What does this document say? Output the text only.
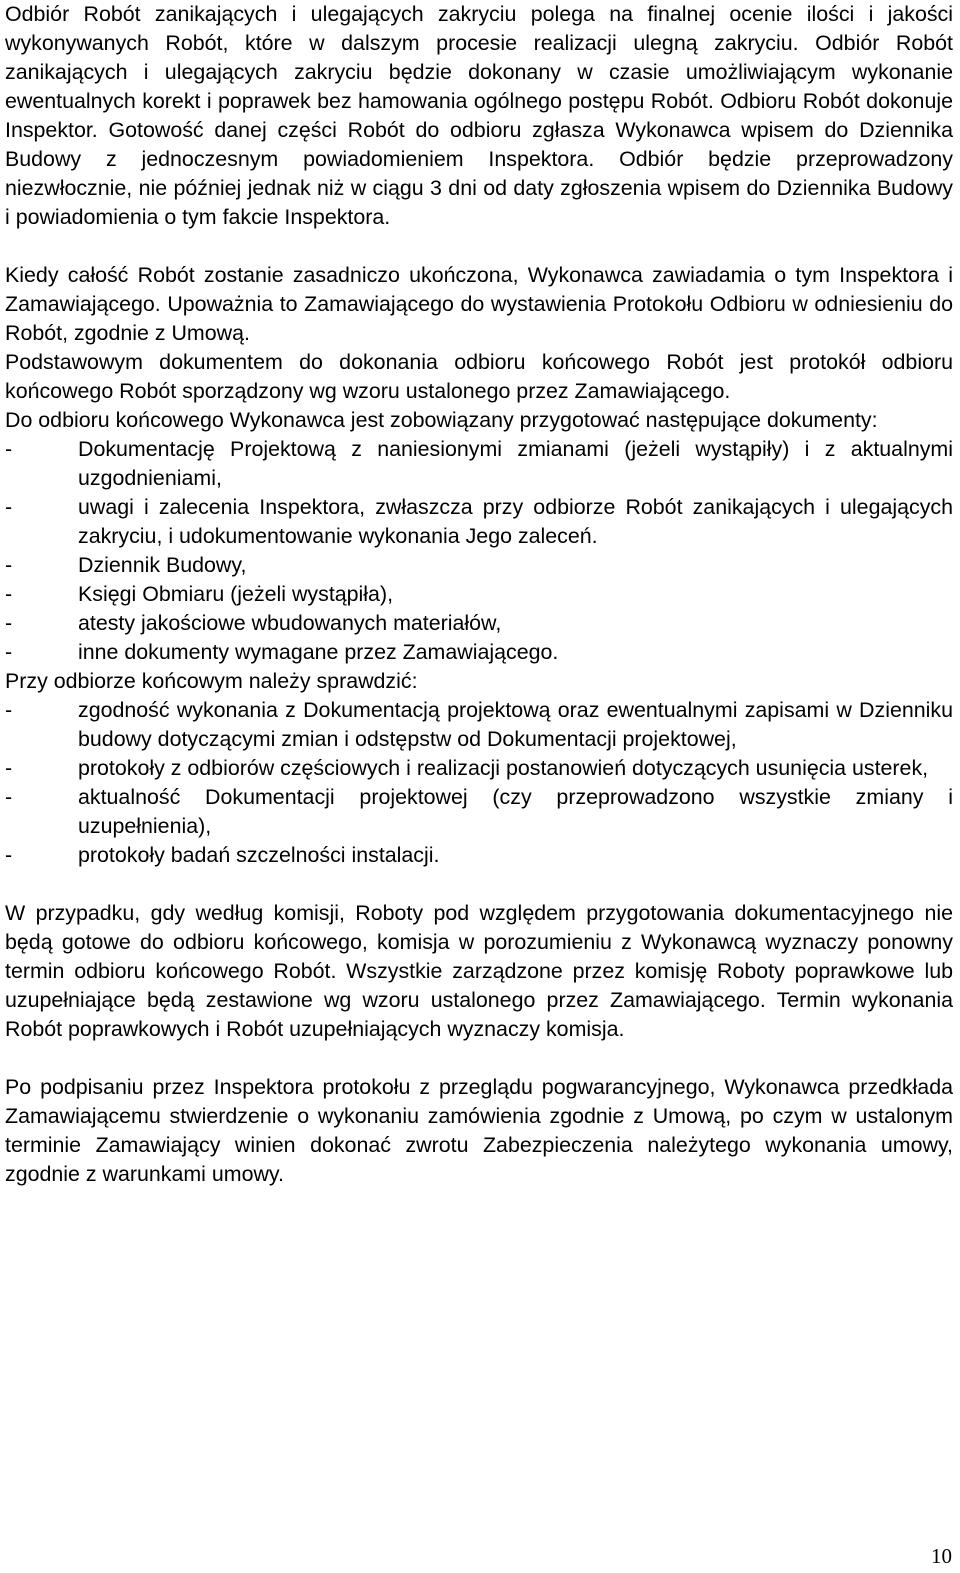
Odbiór Robót zanikających i ulegających zakryciu polega na finalnej ocenie ilości i jakości wykonywanych Robót, które w dalszym procesie realizacji ulegną zakryciu. Odbiór Robót zanikających i ulegających zakryciu będzie dokonany w czasie umożliwiającym wykonanie ewentualnych korekt i poprawek bez hamowania ogólnego postępu Robót. Odbioru Robót dokonuje Inspektor. Gotowość danej części Robót do odbioru zgłasza Wykonawca wpisem do Dziennika Budowy z jednoczesnym powiadomieniem Inspektora. Odbiór będzie przeprowadzony niezwłocznie, nie później jednak niż w ciągu 3 dni od daty zgłoszenia wpisem do Dziennika Budowy i powiadomienia o tym fakcie Inspektora.

Kiedy całość Robót zostanie zasadniczo ukończona, Wykonawca zawiadamia o tym Inspektora i Zamawiającego. Upoważnia to Zamawiającego do wystawienia Protokołu Odbioru w odniesieniu do Robót, zgodnie z Umową.

Podstawowym dokumentem do dokonania odbioru końcowego Robót jest protokół odbioru końcowego Robót sporządzony wg wzoru ustalonego przez Zamawiającego.

Do odbioru końcowego Wykonawca jest zobowiązany przygotować następujące dokumenty:

-	Dokumentację Projektową z naniesionymi zmianami (jeżeli wystąpiły) i z aktualnymi uzgodnieniami,
-	uwagi i zalecenia Inspektora, zwłaszcza przy odbiorze Robót zanikających i ulegających zakryciu, i udokumentowanie wykonania Jego zaleceń.
-	Dziennik Budowy,
-	Księgi Obmiaru (jeżeli wystąpiła),
-	atesty jakościowe wbudowanych materiałów,
-	inne dokumenty wymagane przez Zamawiającego.

Przy odbiorze końcowym należy sprawdzić:

-	zgodność wykonania z Dokumentacją projektową oraz ewentualnymi zapisami w Dzienniku budowy dotyczącymi zmian i odstępstw od Dokumentacji projektowej,
-	protokoły z odbiorów częściowych i realizacji postanowień dotyczących usunięcia usterek,
-	aktualność Dokumentacji projektowej (czy przeprowadzono wszystkie zmiany i uzupełnienia),
-	protokoły badań szczelności instalacji.

W przypadku, gdy według komisji, Roboty pod względem przygotowania dokumentacyjnego nie będą gotowe do odbioru końcowego, komisja w porozumieniu z Wykonawcą wyznaczy ponowny termin odbioru końcowego Robót. Wszystkie zarządzone przez komisję Roboty poprawkowe lub uzupełniające będą zestawione wg wzoru ustalonego przez Zamawiającego. Termin wykonania Robót poprawkowych i Robót uzupełniających wyznaczy komisja.

Po podpisaniu przez Inspektora protokołu z przeglądu pogwarancyjnego, Wykonawca przedkłada Zamawiającemu stwierdzenie o wykonaniu zamówienia zgodnie z Umową, po czym w ustalonym terminie Zamawiający winien dokonać zwrotu Zabezpieczenia należytego wykonania umowy, zgodnie z warunkami umowy.

10
